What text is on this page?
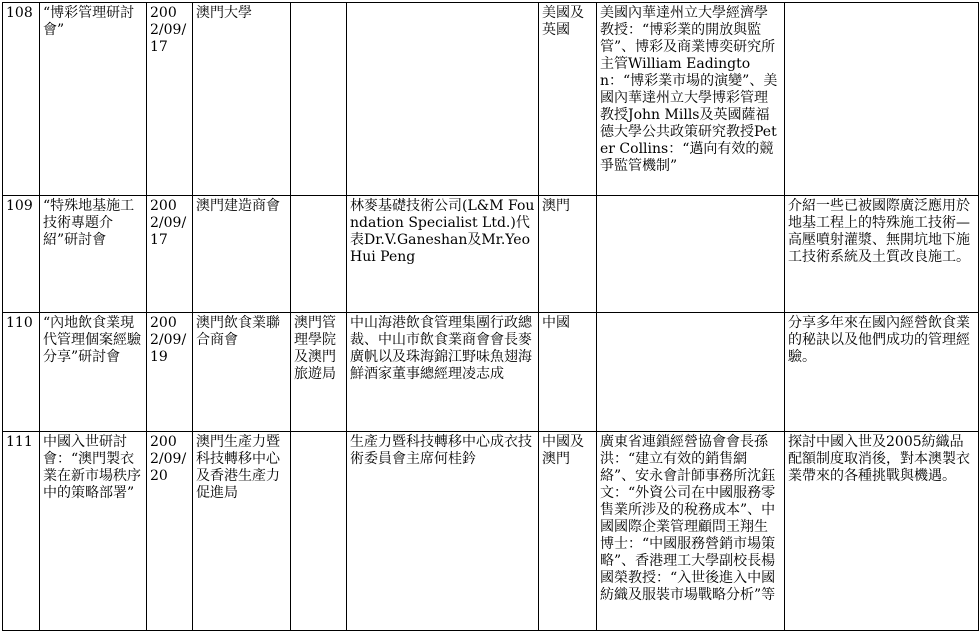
108	“博彩管理研討會”	2002/09/17	澳門大學			美國及英國	美國內華達州立大學經濟學教授：“博彩業的開放與監管”、博彩及商業博奕研究所主管William Eadington：“博彩業市場的演變”、美國內華達州立大學博彩管理教授John Mills及英國薩福德大學公共政策研究教授Peter Collins：“邁向有效的競爭監管機制”	
109	“特殊地基施工技術專題介紹”研討會	2002/09/17	澳門建造商會		林麥基礎技術公司(L&M Foundation Specialist Ltd.)代表Dr.V.Ganeshan及Mr.Yeo Hui Peng	澳門		介紹一些已被國際廣泛應用於地基工程上的特殊施工技術—高壓噴射灌漿、無開坑地下施工技術系統及土質改良施工。
110	“內地飲食業現代管理個案經驗分享”研討會	2002/09/19	澳門飲食業聯合商會	澳門管理學院及澳門旅遊局	中山海港飲食管理集團行政總裁、中山市飲食業商會會長麥廣帆以及珠海錦江野味魚翅海鮮酒家董事總經理凌志成	中國		分享多年來在國內經營飲食業的秘訣以及他們成功的管理經驗。
111	中國入世研討會：“澳門製衣業在新市場秩序中的策略部署”	2002/09/20	澳門生產力暨科技轉移中心及香港生產力促進局		生產力暨科技轉移中心成衣技術委員會主席何桂鈐	中國及澳門	廣東省連鎖經營協會會長孫洪：“建立有效的銷售網絡”、安永會計師事務所沈鈺文：“外資公司在中國服務零售業所涉及的稅務成本”、中國國際企業管理顧問王翔生博士：“中國服務營銷市場策略”、香港理工大學副校長楊國榮教授：“入世後進入中國紡織及服裝市場戰略分析”等	探討中國入世及2005紡織品配額制度取消後，對本澳製衣業帶來的各種挑戰與機遇。
